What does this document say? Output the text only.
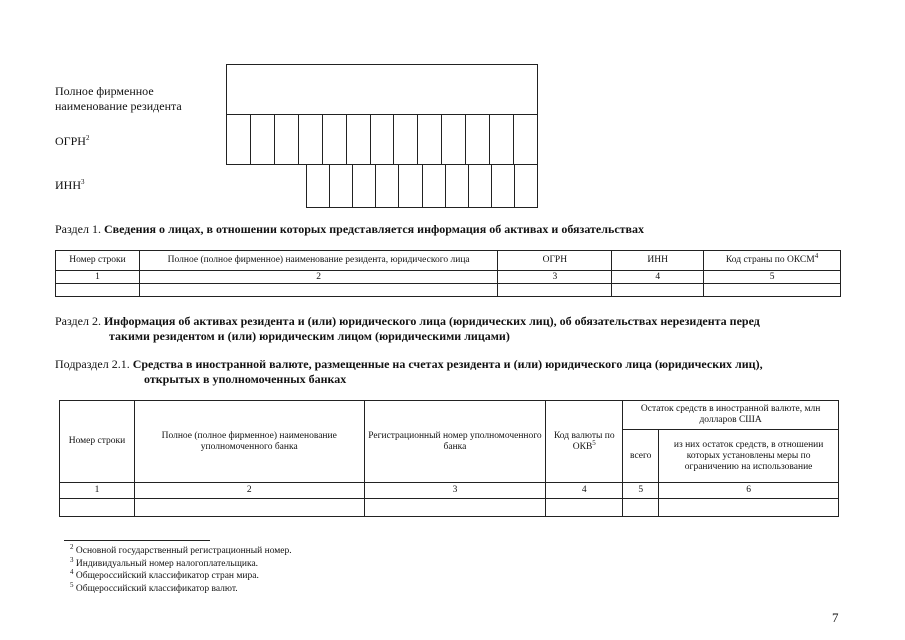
Полное фирменное наименование резидента
ОГРН$^2$
ИНН$^3$
Раздел 1. Сведения о лицах, в отношении которых представляется информация об активах и обязательствах
Номер строки	Полное (полное фирменное) наименование резидента, юридического лица	ОГРН	ИНН	Код страны по ОКСМ$^4$
1	2	3	4	5

Раздел 2. Информация об активах резидента и (или) юридического лица (юридических лиц), об обязательствах нерезидента перед
такими резидентом и (или) юридическим лицом (юридическими лицами)
Подраздел 2.1. Средства в иностранной валюте, размещенные на счетах резидента и (или) юридического лица (юридических лиц),
открытых в уполномоченных банках
Номер строки	Полное (полное фирменное) наименование уполномоченного банка	Регистрационный номер уполномоченного банка	Код валюты по ОКВ$^5$	Остаток средств в иностранной валюте, млн долларов США	
				всего	из них остаток средств, в отношении которых установлены меры по ограничению на использование
1	2	3	4	5	6

$^2$ Основной государственный регистрационный номер.
$^3$ Индивидуальный номер налогоплательщика.
$^4$ Общероссийский классификатор стран мира.
$^5$ Общероссийский классификатор валют.
7
